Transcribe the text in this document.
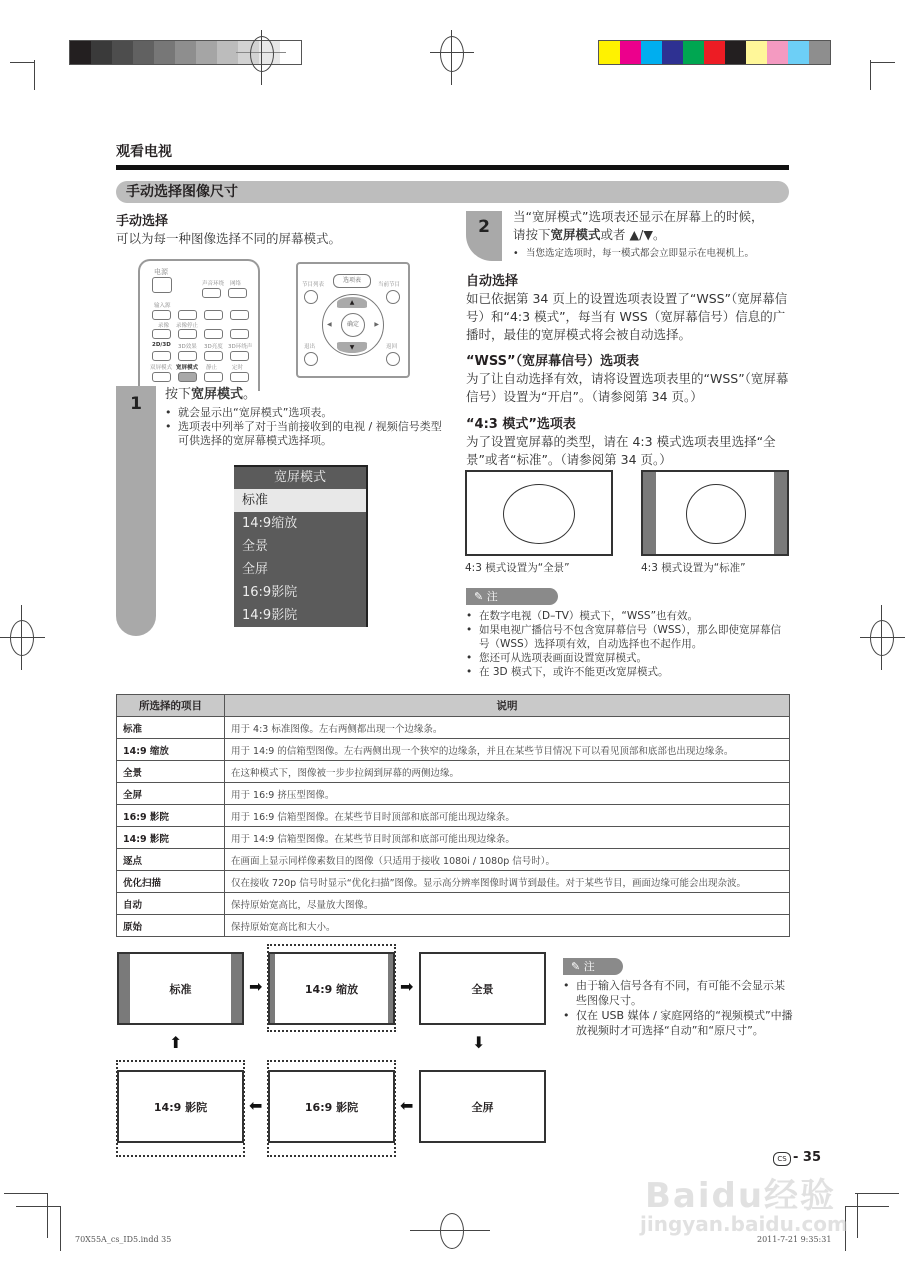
70X55A_cs_ID5.indd 35	2011-7-21 9:35:31
观看电视
手动选择图像尺寸
手动选择
可以为每一种图像选择不同的屏幕模式。
电源
声音环绕 网络
输入源
录像 录像停止
2D/3D 3D效果 3D亮度 3D环绕声
双屏模式 宽屏模式 静止	定时
节目列表
选项表
当前节目
▲
▼
◀	▶
确定
退出	返回
1	按下宽屏模式。
• 就会显示出“宽屏模式”选项表。
• 选项表中列举了对于当前接收到的电视 / 视频信号类型可供选择的宽屏幕模式选择项。
宽屏模式
标准
14:9缩放
全景
全屏
16:9影院
14:9影院
2
当“宽屏模式”选项表还显示在屏幕上的时候，
请按下宽屏模式或者 ▲/▼。
• 当您选定选项时，每一模式都会立即显示在电视机上。
自动选择
如已依据第 34 页上的设置选项表设置了“WSS”（宽屏幕信号）和“4:3 模式”，每当有 WSS（宽屏幕信号）信息的广播时，最佳的宽屏模式将会被自动选择。
“WSS”（宽屏幕信号）选项表
为了让自动选择有效，请将设置选项表里的“WSS”（宽屏幕信号）设置为“开启”。（请参阅第 34 页。）
“4:3 模式”选项表
为了设置宽屏幕的类型，请在 4:3 模式选项表里选择“全景”或者“标准”。（请参阅第 34 页。）
4:3 模式设置为“全景”	4:3 模式设置为“标准”
✎ 注
• 在数字电视（D–TV）模式下，“WSS”也有效。
• 如果电视广播信号不包含宽屏幕信号（WSS），那么即使宽屏幕信号（WSS）选择项有效，自动选择也不起作用。
• 您还可从选项表画面设置宽屏模式。
• 在 3D 模式下，或许不能更改宽屏模式。
所选择的项目	说明
标准	用于 4:3 标准图像。左右两侧都出现一个边缘条。
14:9 缩放	用于 14:9 的信箱型图像。左右两侧出现一个狭窄的边缘条，并且在某些节目情况下可以看见顶部和底部也出现边缘条。
全景	在这种模式下，图像被一步步拉阔到屏幕的两侧边缘。
全屏	用于 16:9 挤压型图像。
16:9 影院	用于 16:9 信箱型图像。在某些节目时顶部和底部可能出现边缘条。
14:9 影院	用于 14:9 信箱型图像。在某些节目时顶部和底部可能出现边缘条。
逐点	在画面上显示同样像素数目的图像（只适用于接收 1080i / 1080p 信号时）。
优化扫描	仅在接收 720p 信号时显示“优化扫描”图像。显示高分辨率图像时调节到最佳。对于某些节目，画面边缘可能会出现杂波。
自动	保持原始宽高比，尽量放大图像。
原始	保持原始宽高比和大小。
标准	➡	14:9 缩放	➡	全景
⬇
全屏
⬅
16:9 影院
⬅
14:9 影院
⬆
✎ 注
• 由于输入信号各有不同，有可能不会显示某些图像尺寸。
• 仅在 USB 媒体 / 家庭网络的“视频模式”中播放视频时才可选择“自动”和“原尺寸”。
CS - 35
Baidu经验
jingyan.baidu.com
